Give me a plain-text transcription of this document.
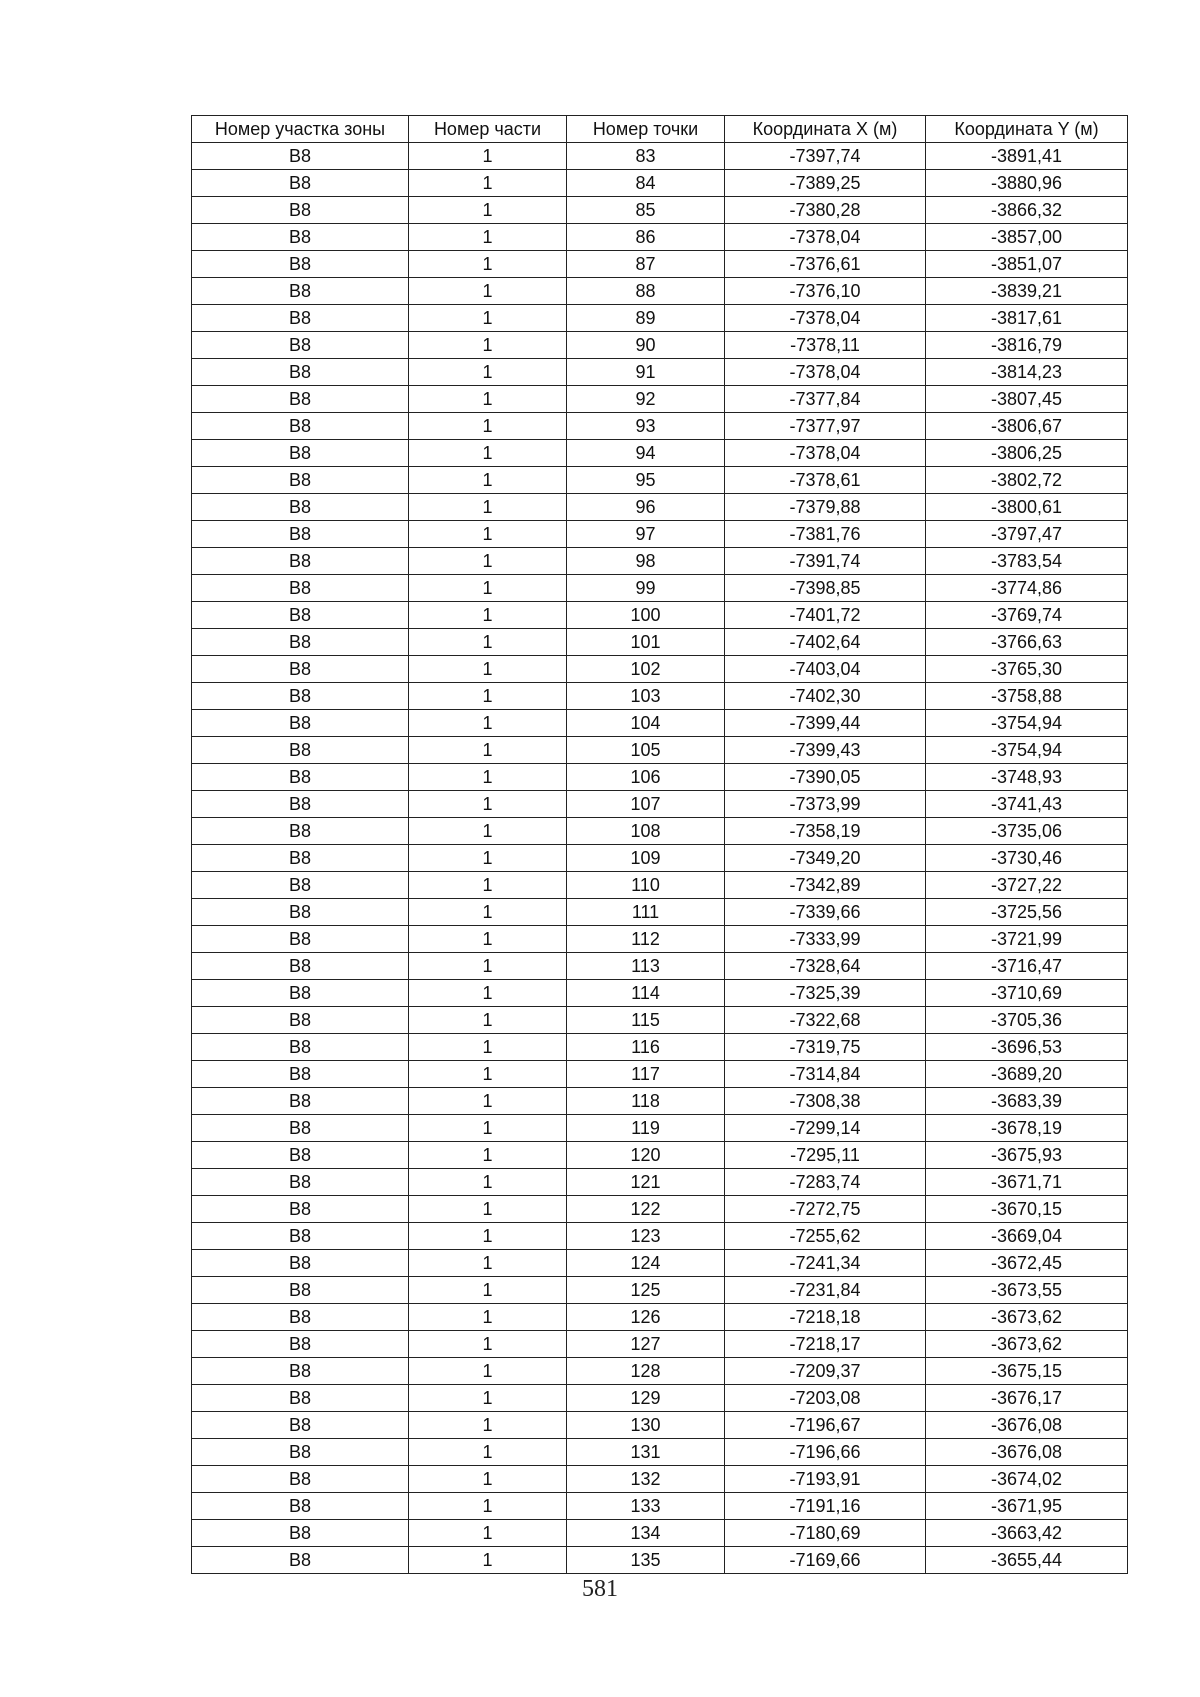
Номер участка зоны	Номер части	Номер точки	Координата X (м)	Координата Y (м)
В8	1	83	-7397,74	-3891,41
В8	1	84	-7389,25	-3880,96
В8	1	85	-7380,28	-3866,32
В8	1	86	-7378,04	-3857,00
В8	1	87	-7376,61	-3851,07
В8	1	88	-7376,10	-3839,21
В8	1	89	-7378,04	-3817,61
В8	1	90	-7378,11	-3816,79
В8	1	91	-7378,04	-3814,23
В8	1	92	-7377,84	-3807,45
В8	1	93	-7377,97	-3806,67
В8	1	94	-7378,04	-3806,25
В8	1	95	-7378,61	-3802,72
В8	1	96	-7379,88	-3800,61
В8	1	97	-7381,76	-3797,47
В8	1	98	-7391,74	-3783,54
В8	1	99	-7398,85	-3774,86
В8	1	100	-7401,72	-3769,74
В8	1	101	-7402,64	-3766,63
В8	1	102	-7403,04	-3765,30
В8	1	103	-7402,30	-3758,88
В8	1	104	-7399,44	-3754,94
В8	1	105	-7399,43	-3754,94
В8	1	106	-7390,05	-3748,93
В8	1	107	-7373,99	-3741,43
В8	1	108	-7358,19	-3735,06
В8	1	109	-7349,20	-3730,46
В8	1	110	-7342,89	-3727,22
В8	1	111	-7339,66	-3725,56
В8	1	112	-7333,99	-3721,99
В8	1	113	-7328,64	-3716,47
В8	1	114	-7325,39	-3710,69
В8	1	115	-7322,68	-3705,36
В8	1	116	-7319,75	-3696,53
В8	1	117	-7314,84	-3689,20
В8	1	118	-7308,38	-3683,39
В8	1	119	-7299,14	-3678,19
В8	1	120	-7295,11	-3675,93
В8	1	121	-7283,74	-3671,71
В8	1	122	-7272,75	-3670,15
В8	1	123	-7255,62	-3669,04
В8	1	124	-7241,34	-3672,45
В8	1	125	-7231,84	-3673,55
В8	1	126	-7218,18	-3673,62
В8	1	127	-7218,17	-3673,62
В8	1	128	-7209,37	-3675,15
В8	1	129	-7203,08	-3676,17
В8	1	130	-7196,67	-3676,08
В8	1	131	-7196,66	-3676,08
В8	1	132	-7193,91	-3674,02
В8	1	133	-7191,16	-3671,95
В8	1	134	-7180,69	-3663,42
В8	1	135	-7169,66	-3655,44
581
